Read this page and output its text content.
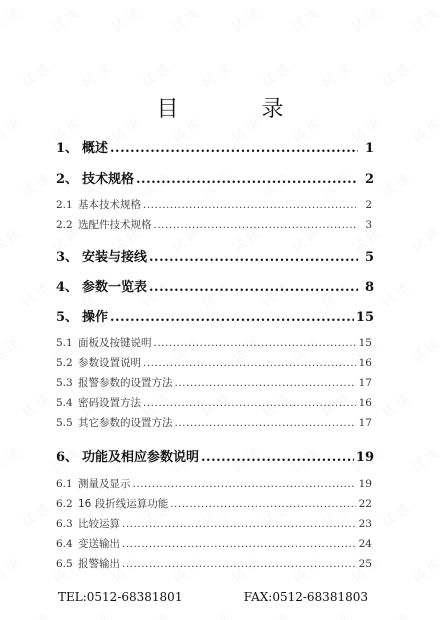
目 录
1、 概述 .....	1
2、 技术规格 .....	2
2.1 基本技术规格 .....	2
2.2 选配件技术规格 .....	3
3、 安装与接线 .....	5
4、 参数一览表 .....	8
5、 操作 .....	15
5.1 面板及按键说明 .....	15
5.2 参数设置说明 .....	16
5.3 报警参数的设置方法 .....	17
5.4 密码设置方法 .....	16
5.5 其它参数的设置方法 .....	17
6、 功能及相应参数说明 .....	19
6.1 测量及显示 .....	19
6.2 16 段折线运算功能 .....	22
6.3 比较运算 .....	23
6.4 变送输出 .....	24
6.5 报警输出 .....	25
TEL:0512-68381801	FAX:0512-68381803
